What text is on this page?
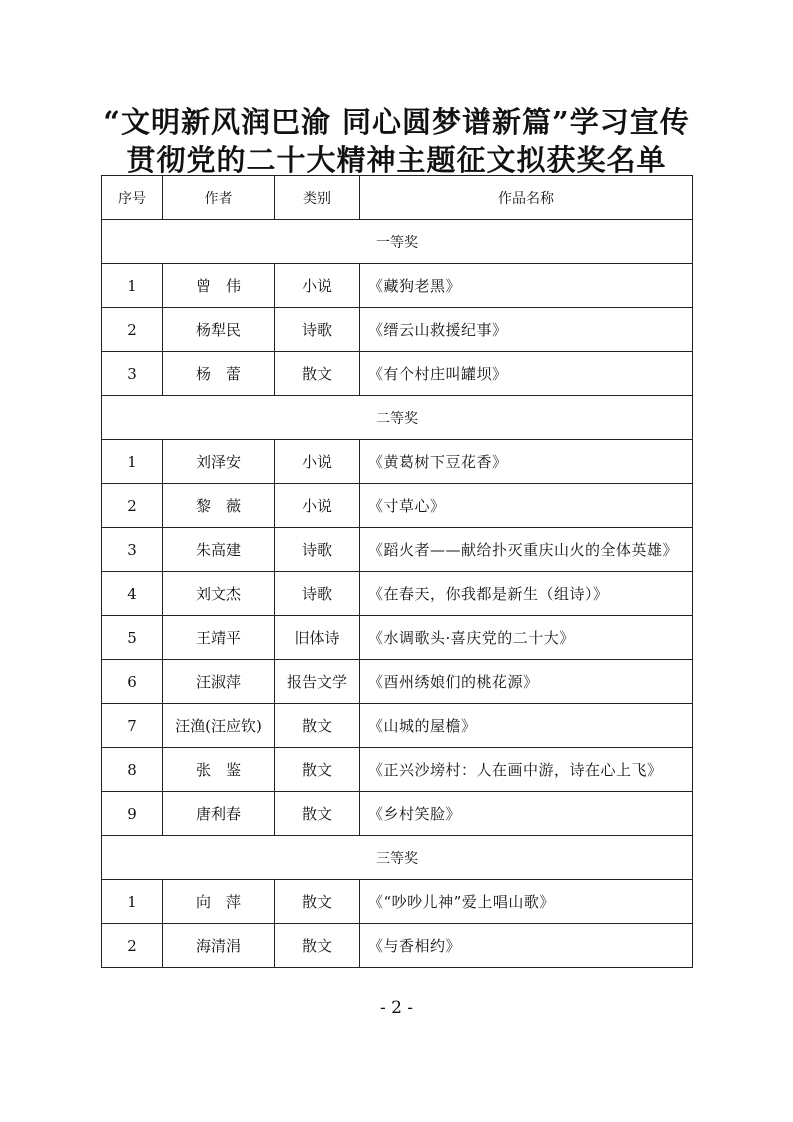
“文明新风润巴渝 同心圆梦谱新篇”学习宣传
贯彻党的二十大精神主题征文拟获奖名单
序号	作者	类别	作品名称
一等奖			
1	曾　伟	小说	《藏狗老黑》
2	杨犁民	诗歌	《缙云山救援纪事》
3	杨　蕾	散文	《有个村庄叫罐坝》
二等奖			
1	刘泽安	小说	《黄葛树下豆花香》
2	黎　薇	小说	《寸草心》
3	朱高建	诗歌	《蹈火者——献给扑灭重庆山火的全体英雄》
4	刘文杰	诗歌	《在春天，你我都是新生（组诗）》
5	王靖平	旧体诗	《水调歌头·喜庆党的二十大》
6	汪淑萍	报告文学	《酉州绣娘们的桃花源》
7	汪渔(汪应钦)	散文	《山城的屋檐》
8	张　鉴	散文	《正兴沙塝村：人在画中游，诗在心上飞》
9	唐利春	散文	《乡村笑脸》
三等奖			
1	向　萍	散文	《“吵吵儿神”爱上唱山歌》
2	海清涓	散文	《与香相约》
- 2 -
